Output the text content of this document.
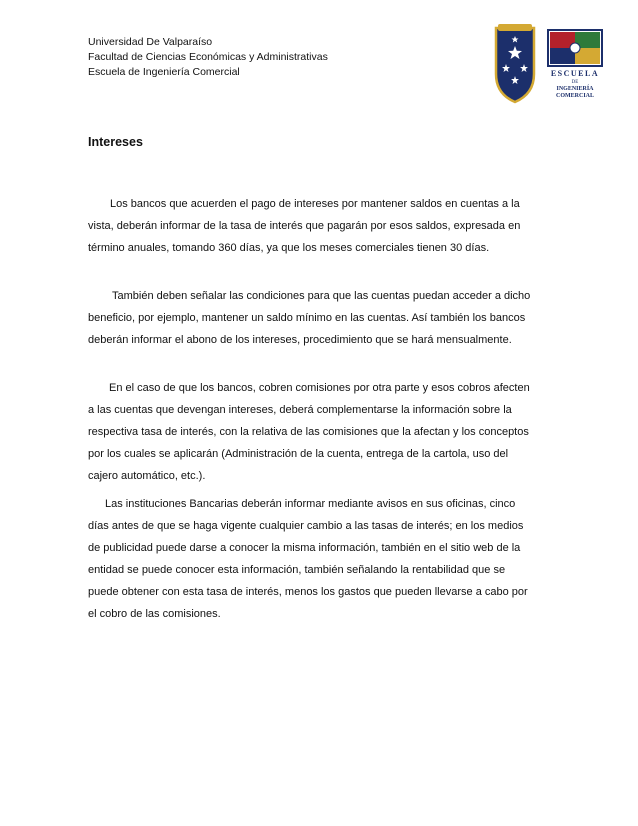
Universidad De Valparaíso
Facultad de Ciencias Económicas y Administrativas
Escuela de Ingeniería Comercial	ESCUELA
DE
INGENIERÍA
COMERCIAL
Intereses
Los bancos que acuerden el pago de intereses por mantener saldos en cuentas a la
vista, deberán informar de la tasa de interés que pagarán por esos saldos, expresada en
término anuales, tomando 360 días, ya que los meses comerciales tienen 30 días.
También deben señalar las condiciones para que las cuentas puedan acceder a dicho
beneficio, por ejemplo, mantener un saldo mínimo en las cuentas. Así también los bancos
deberán informar el abono de los intereses, procedimiento que se hará mensualmente.
En el caso de que los bancos, cobren comisiones por otra parte y esos cobros afecten
a las cuentas que devengan intereses, deberá complementarse la información sobre la
respectiva tasa de interés, con la relativa de las comisiones que la afectan y los conceptos
por los cuales se aplicarán (Administración de la cuenta, entrega de la cartola, uso del
cajero automático, etc.).
Las instituciones Bancarias deberán informar mediante avisos en sus oficinas, cinco
días antes de que se haga vigente cualquier cambio a las tasas de interés; en los medios
de publicidad puede darse a conocer la misma información, también en el sitio web de la
entidad se puede conocer esta información, también señalando la rentabilidad que se
puede obtener con esta tasa de interés, menos los gastos que pueden llevarse a cabo por
el cobro de las comisiones.
